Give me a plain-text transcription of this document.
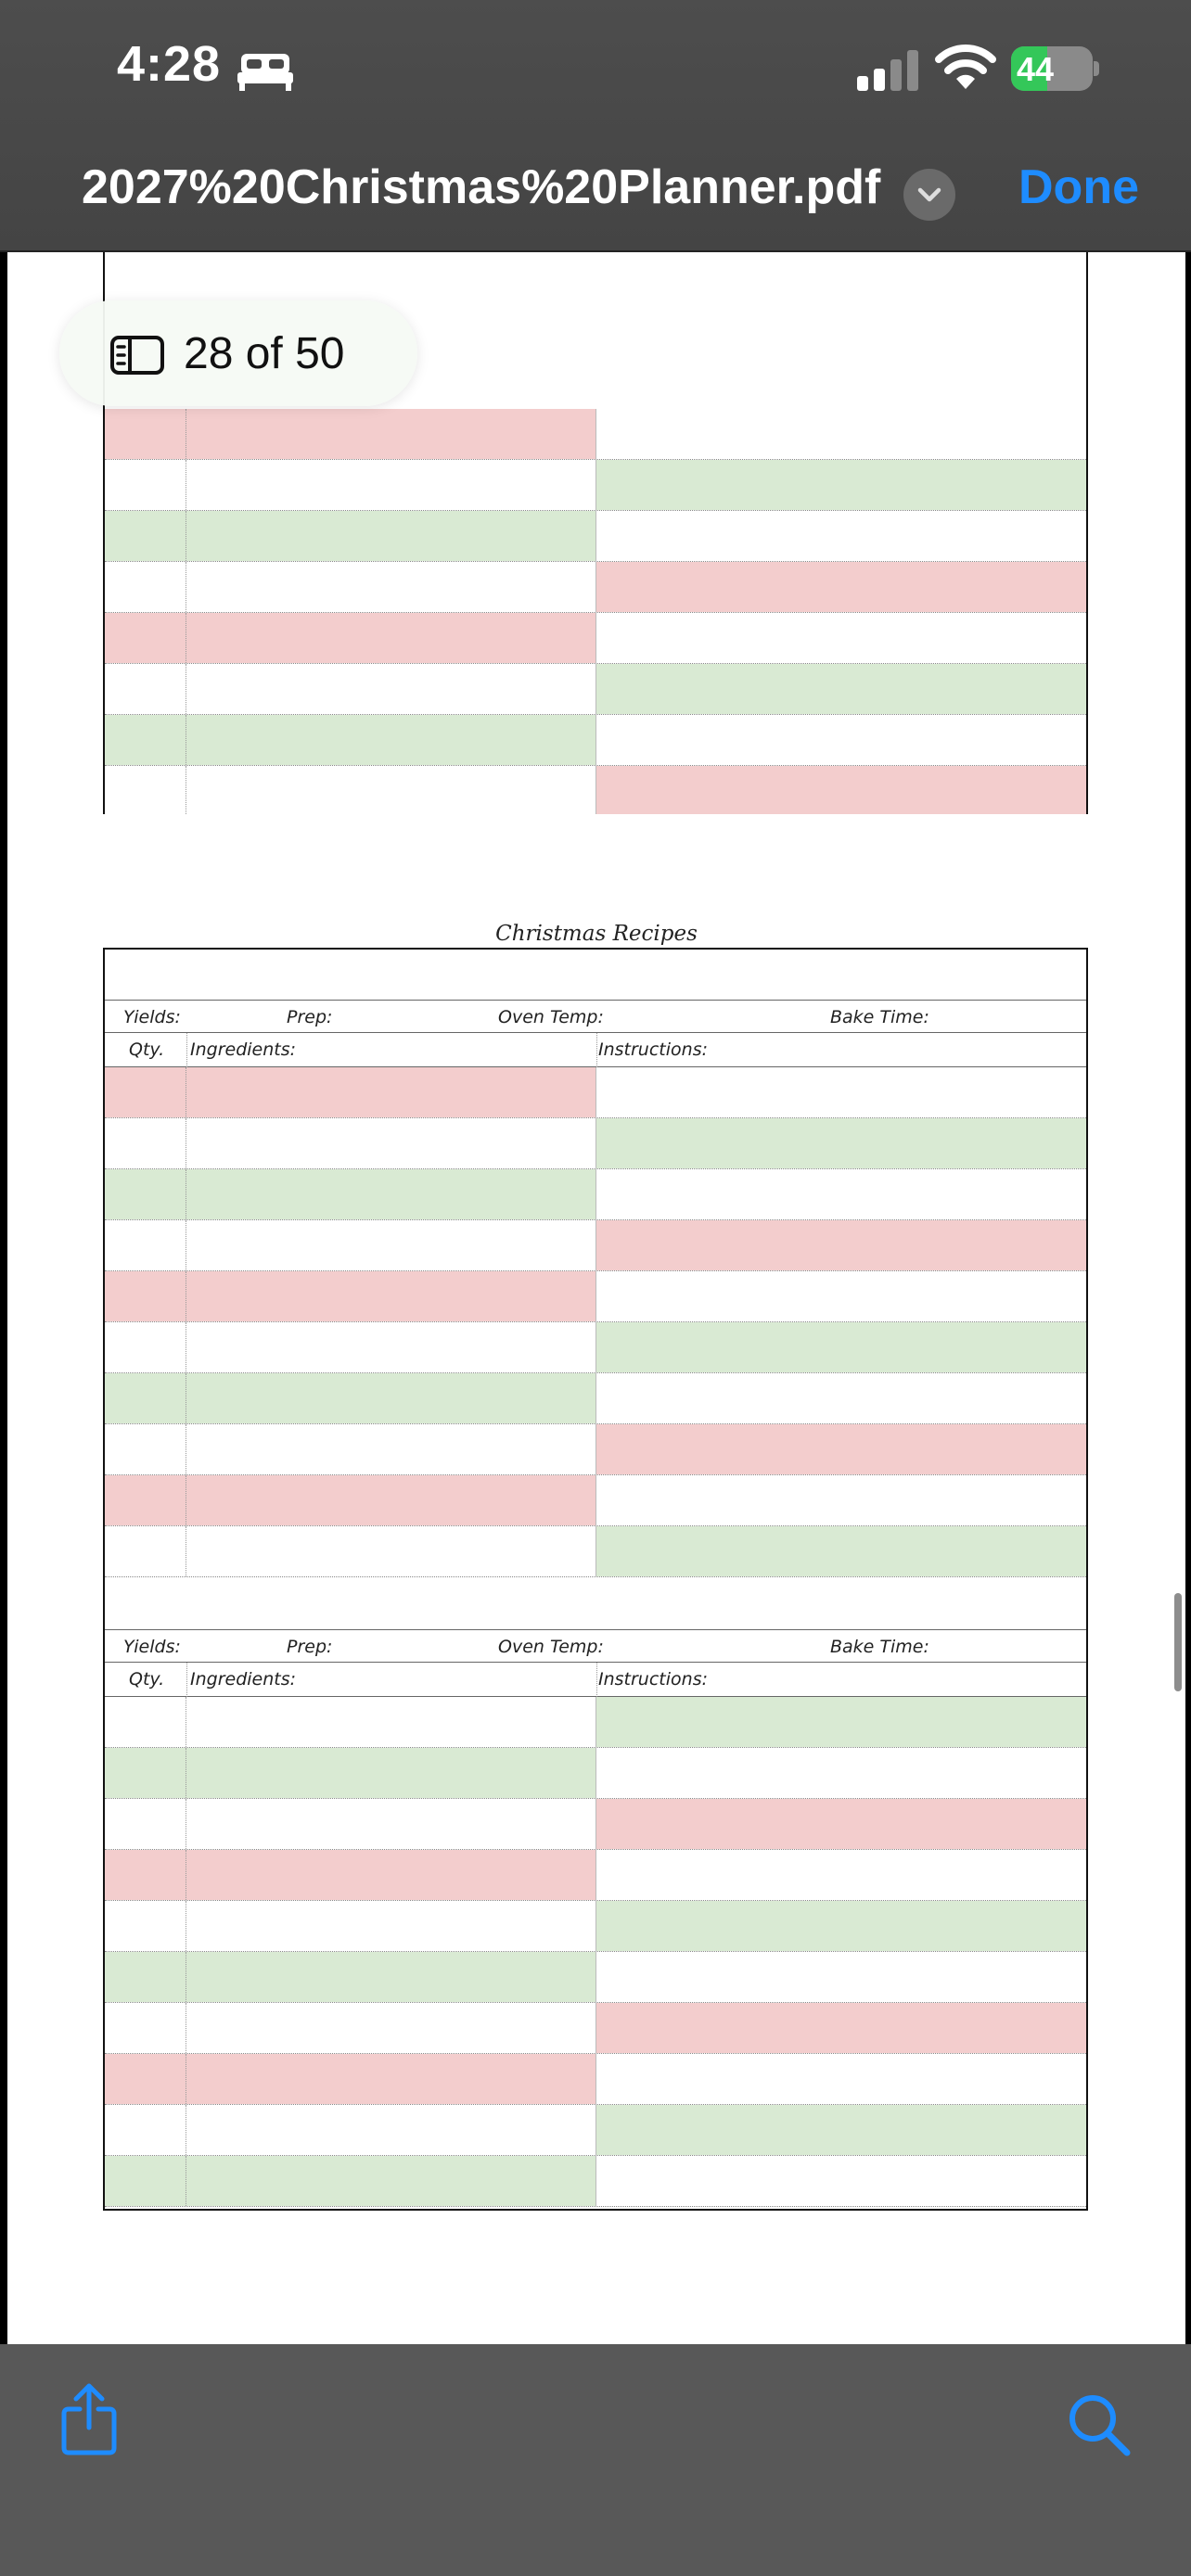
4:28	44
2027%20Christmas%20Planner.pdf	Done
Christmas Recipes
Yields:	Prep:	Oven Temp:	Bake Time:
Qty. Ingredients:	Instructions:
Yields:	Prep:	Oven Temp:	Bake Time:
Qty. Ingredients:	Instructions:
28 of 50
